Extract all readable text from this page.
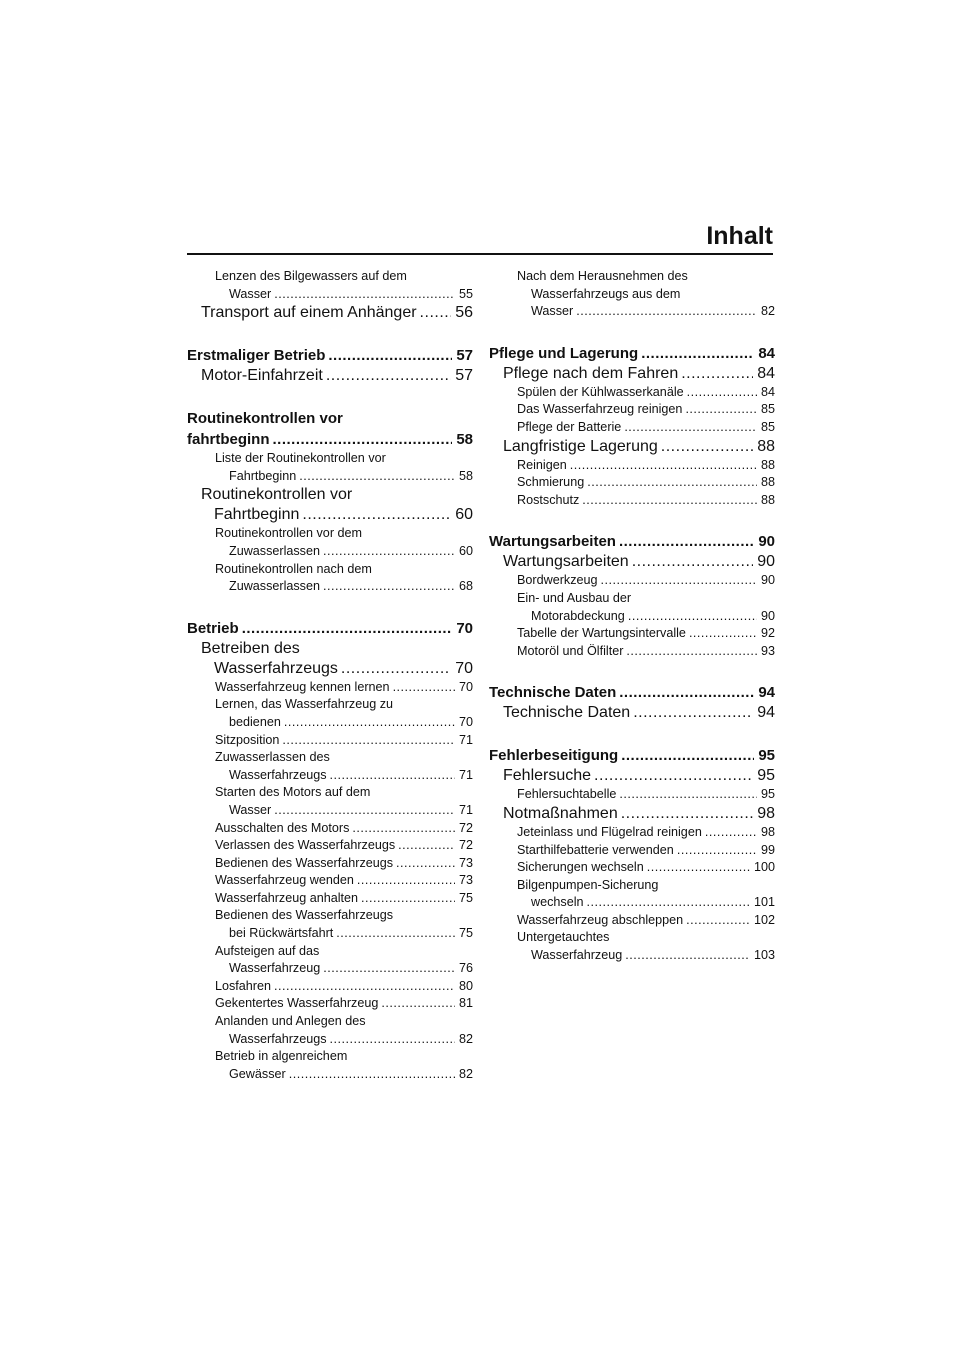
Inhalt
Lenzen des Bilgewassers auf dem
Wasser .....	55
Transport auf einem Anhänger ..... 56
Erstmaliger Betrieb .....	57
Motor-Einfahrzeit .....	57
Routinekontrollen vor
fahrtbeginn .....	58
Liste der Routinekontrollen vor
Fahrtbeginn .....	58
Routinekontrollen vor
Fahrtbeginn .....	60
Routinekontrollen vor dem
Zuwasserlassen .....	60
Routinekontrollen nach dem
Zuwasserlassen .....	68
Betrieb .....	70
Betreiben des
Wasserfahrzeugs .....	70
Wasserfahrzeug kennen lernen .....	70
Lernen, das Wasserfahrzeug zu
bedienen .....	70
Sitzposition .....	71
Zuwasserlassen des
Wasserfahrzeugs .....	71
Starten des Motors auf dem
Wasser .....	71
Ausschalten des Motors .....	72
Verlassen des Wasserfahrzeugs .....	72
Bedienen des Wasserfahrzeugs .....	73
Wasserfahrzeug wenden .....	73
Wasserfahrzeug anhalten .....	75
Bedienen des Wasserfahrzeugs
bei Rückwärtsfahrt .....	75
Aufsteigen auf das
Wasserfahrzeug .....	76
Losfahren .....	80
Gekentertes Wasserfahrzeug .....	81
Anlanden und Anlegen des
Wasserfahrzeugs .....	82
Betrieb in algenreichem
Gewässer .....	82
Nach dem Herausnehmen des
Wasserfahrzeugs aus dem
Wasser .....	82
Pflege und Lagerung .....	84
Pflege nach dem Fahren .....	84
Spülen der Kühlwasserkanäle .....	84
Das Wasserfahrzeug reinigen .....	85
Pflege der Batterie .....	85
Langfristige Lagerung .....	88
Reinigen .....	88
Schmierung .....	88
Rostschutz .....	88
Wartungsarbeiten .....	90
Wartungsarbeiten .....	90
Bordwerkzeug .....	90
Ein- und Ausbau der
Motorabdeckung .....	90
Tabelle der Wartungsintervalle .....	92
Motoröl und Ölfilter .....	93
Technische Daten .....	94
Technische Daten .....	94
Fehlerbeseitigung .....	95
Fehlersuche .....	95
Fehlersuchtabelle .....	95
Notmaßnahmen .....	98
Jeteinlass und Flügelrad reinigen .....	98
Starthilfebatterie verwenden .....	99
Sicherungen wechseln .....	100
Bilgenpumpen-Sicherung
wechseln .....	101
Wasserfahrzeug abschleppen .....	102
Untergetauchtes
Wasserfahrzeug .....	103
